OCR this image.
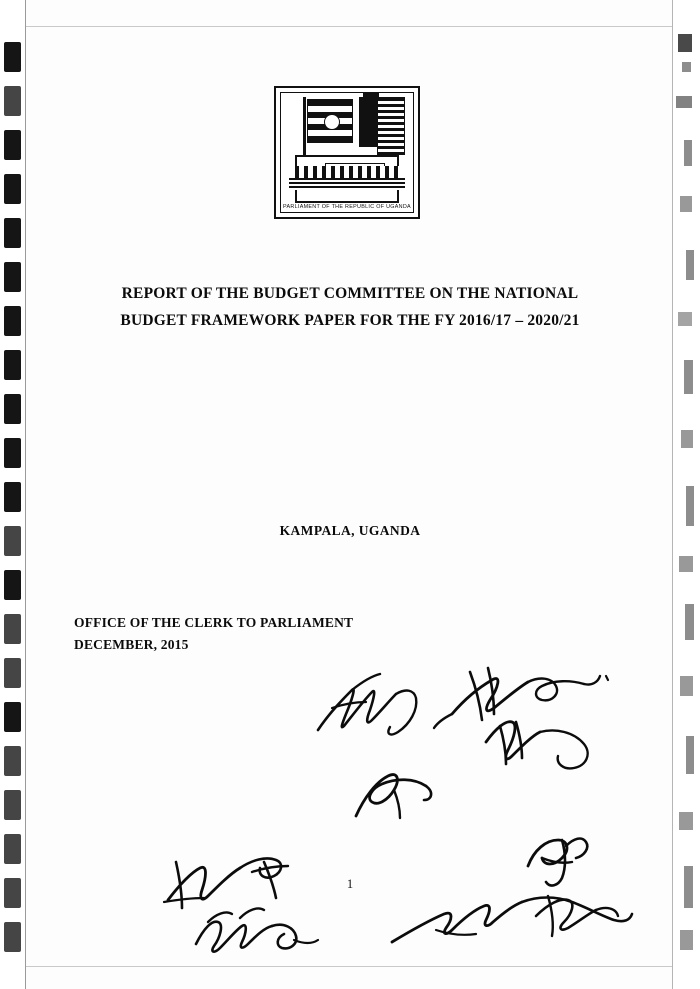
PARLIAMENT OF THE REPUBLIC OF UGANDA
REPORT OF THE BUDGET COMMITTEE ON THE NATIONAL
BUDGET FRAMEWORK PAPER FOR THE FY 2016/17 – 2020/21
KAMPALA, UGANDA
OFFICE OF THE CLERK TO PARLIAMENT
DECEMBER, 2015
1
